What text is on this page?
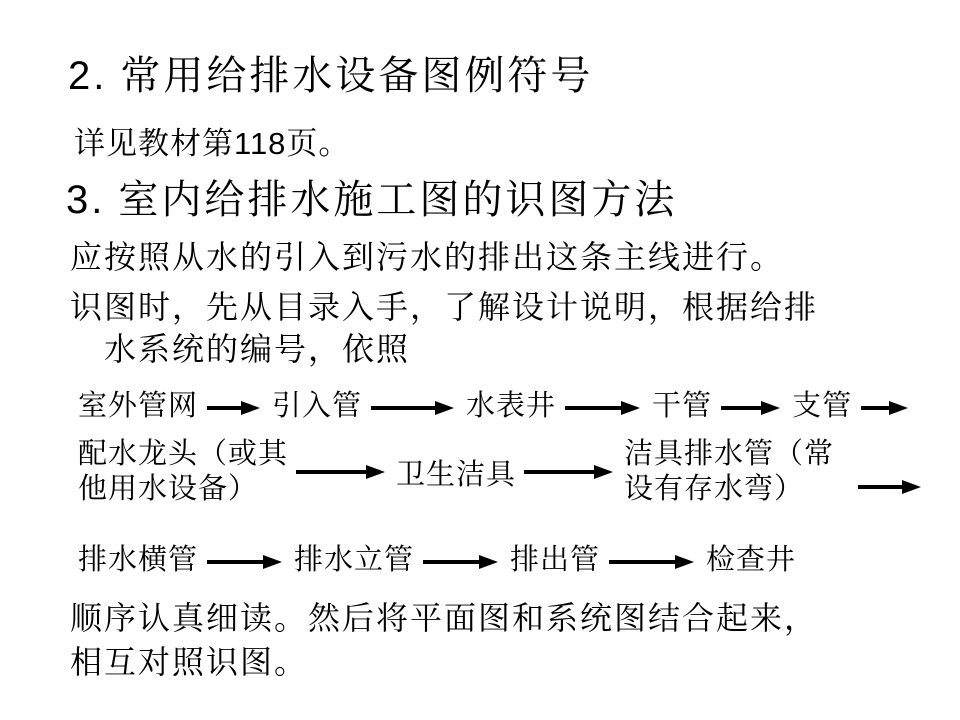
2. 常用给排水设备图例符号
详见教材第118页。
3. 室内给排水施工图的识图方法
应按照从水的引入到污水的排出这条主线进行。
识图时，先从目录入手，了解设计说明，根据给排
水系统的编号，依照
室外管网	引入管	水表井	干管	支管
配水龙头（或其
他用水设备）	卫生洁具
洁具排水管（常
设有存水弯）
排水横管	排水立管	排出管	检查井
顺序认真细读。然后将平面图和系统图结合起来，
相互对照识图。
